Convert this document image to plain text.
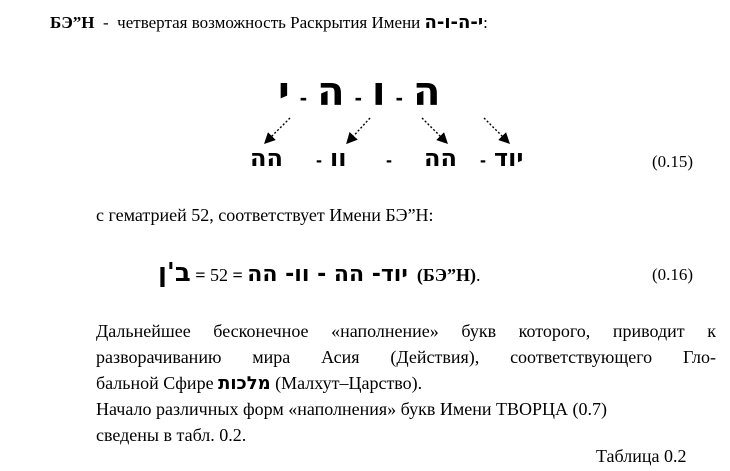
БЭ”Н - четвертая возможность Раскрытия Имени י-ה-ו-ה:
ה - ו - ה - י
הה - וו - הה - יוד	(0.15)
с гематрией 52, соответствует Имени БЭ”Н:
יוד- הה - וו- הה = 52 = ב'ן	(БЭ”Н).	(0.16)
Дальнейшее бесконечное «наполнение» букв которого, приводит к
разворачиванию мира Асия (Действия), соответствующего Гло-
бальной Сфире מלכות (Малхут–Царство).
Начало различных форм «наполнения» букв Имени ТВОРЦА (0.7)
сведены в табл. 0.2.
Таблица 0.2
